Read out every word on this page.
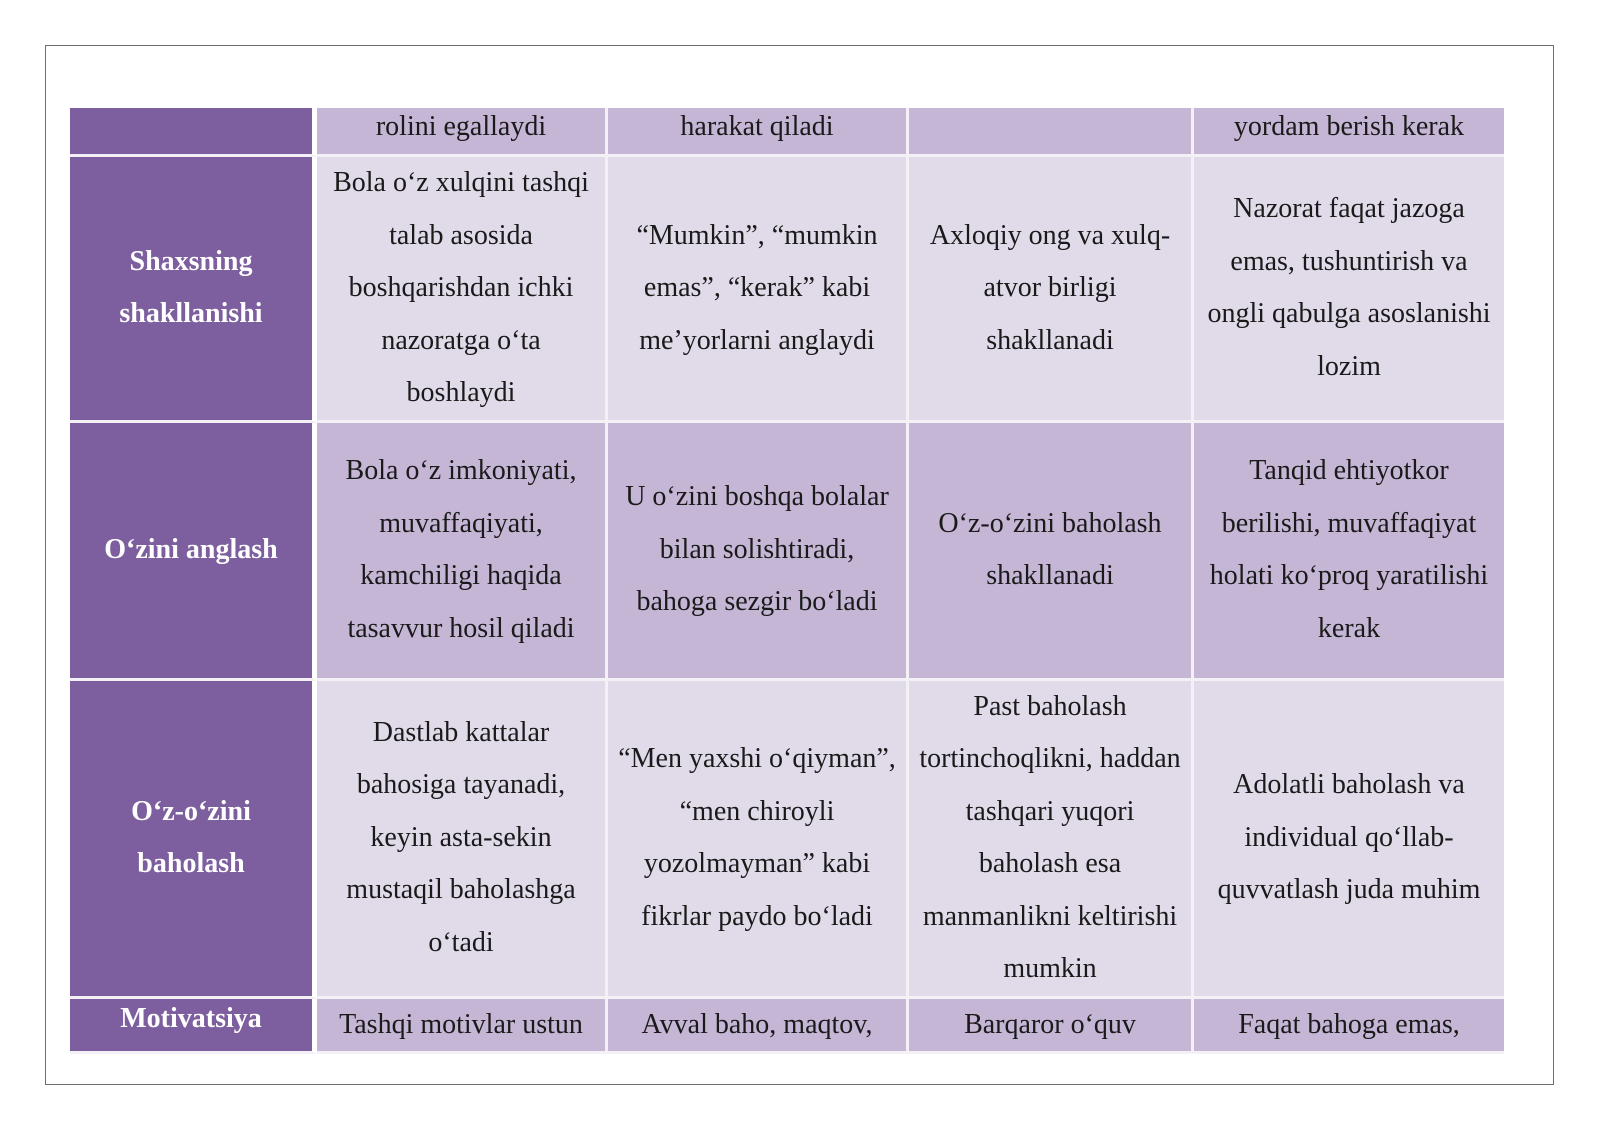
	rolini egallaydi	harakat qiladi		yordam berish kerak
Shaxsning shakllanishi	Bola o‘z xulqini tashqi talab asosida boshqarishdan ichki nazoratga o‘ta boshlaydi	“Mumkin”, “mumkin emas”, “kerak” kabi me’yorlarni anglaydi	Axloqiy ong va xulq-atvor birligi shakllanadi	Nazorat faqat jazoga emas, tushuntirish va ongli qabulga asoslanishi lozim
O‘zini anglash	Bola o‘z imkoniyati, muvaffaqiyati, kamchiligi haqida tasavvur hosil qiladi	U o‘zini boshqa bolalar bilan solishtiradi, bahoga sezgir bo‘ladi	O‘z-o‘zini baholash shakllanadi	Tanqid ehtiyotkor berilishi, muvaffaqiyat holati ko‘proq yaratilishi kerak
O‘z-o‘zini baholash	Dastlab kattalar bahosiga tayanadi, keyin asta-sekin mustaqil baholashga o‘tadi	“Men yaxshi o‘qiyman”, “men chiroyli yozolmayman” kabi fikrlar paydo bo‘ladi	Past baholash tortinchoqlikni, haddan tashqari yuqori baholash esa manmanlikni keltirishi mumkin	Adolatli baholash va individual qo‘llab-quvvatlash juda muhim
Motivatsiya	Tashqi motivlar ustun	Avval baho, maqtov,	Barqaror o‘quv	Faqat bahoga emas,
